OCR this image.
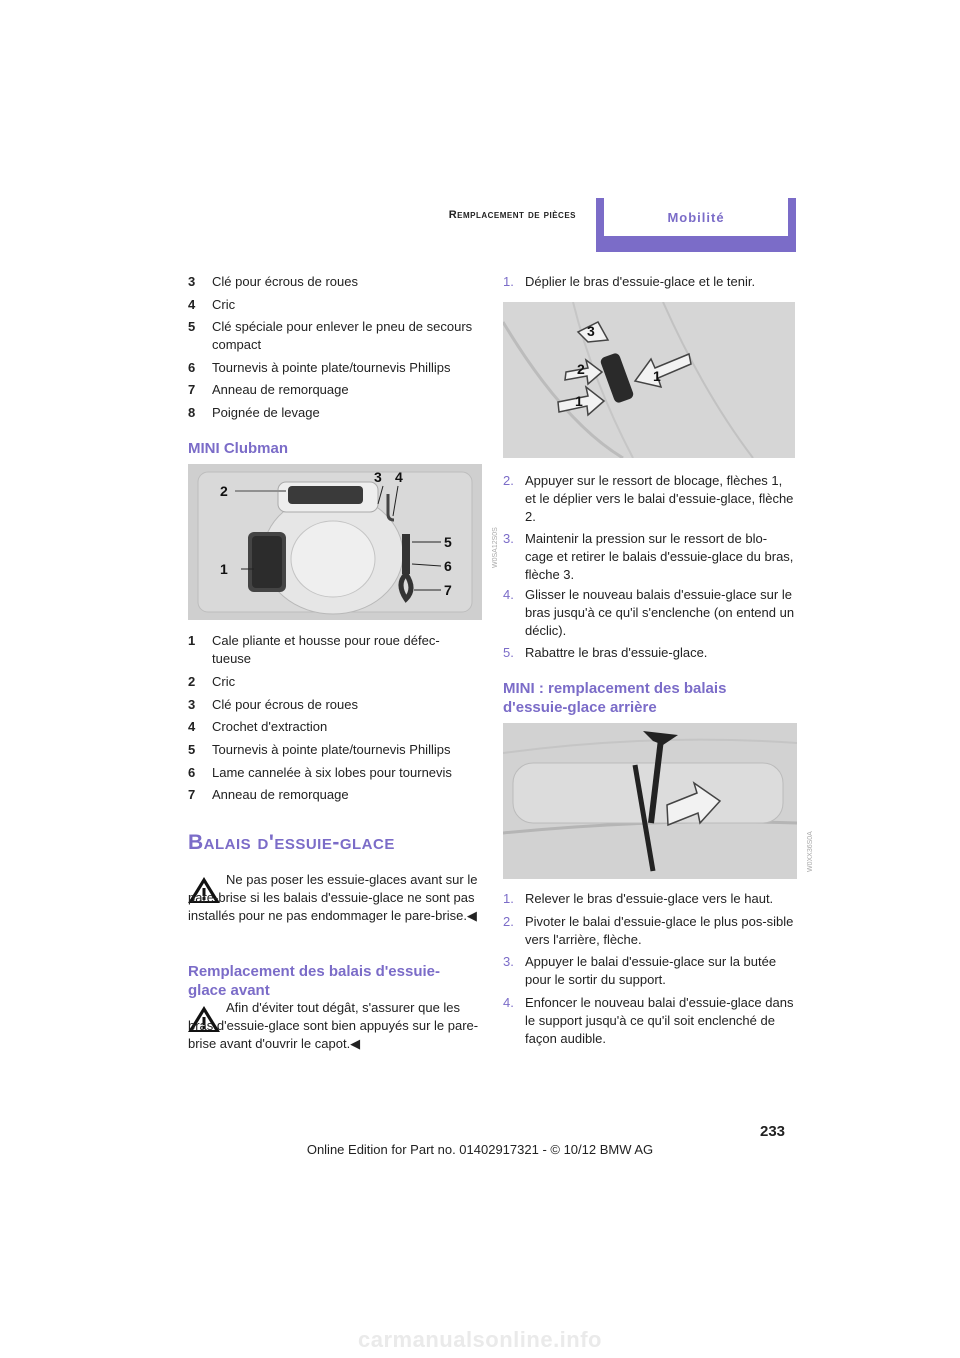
Remplacement de pièces	Mobilité
3	Clé pour écrous de roues
4	Cric
5	Clé spéciale pour enlever le pneu de secours compact
6	Tournevis à pointe plate/tournevis Phillips
7	Anneau de remorquage
8	Poignée de levage
MINI Clubman
2
3 4
5
6
7
1
W0SA12S0S
1	Cale pliante et housse pour roue défec-tueuse
2	Cric
3	Clé pour écrous de roues
4	Crochet d'extraction
5	Tournevis à pointe plate/tournevis Phillips
6	Lame cannelée à six lobes pour tournevis
7	Anneau de remorquage
Balais d'essuie-glace
Ne pas poser les essuie-glaces avant sur le pare-brise si les balais d'essuie-glace ne sont pas installés pour ne pas endommager le pare-brise.◀
Remplacement des balais d'essuie-glace avant
Afin d'éviter tout dégât, s'assurer que les bras d'essuie-glace sont bien appuyés sur le pare-brise avant d'ouvrir le capot.◀
1. Déplier le bras d'essuie-glace et le tenir.
3
2	1
1
2. Appuyer sur le ressort de blocage, flèches 1, et le déplier vers le balai d'essuie-glace, flèche 2.
3. Maintenir la pression sur le ressort de blo-cage et retirer le balais d'essuie-glace du bras, flèche 3.
4. Glisser le nouveau balais d'essuie-glace sur le bras jusqu'à ce qu'il s'enclenche (on entend un déclic).
5. Rabattre le bras d'essuie-glace.
MINI : remplacement des balais d'essuie-glace arrière
W0XX36S0A
1. Relever le bras d'essuie-glace vers le haut.
2. Pivoter le balai d'essuie-glace le plus pos-sible vers l'arrière, flèche.
3. Appuyer le balai d'essuie-glace sur la butée pour le sortir du support.
4. Enfoncer le nouveau balai d'essuie-glace dans le support jusqu'à ce qu'il soit enclenché de façon audible.
233
Online Edition for Part no. 01402917321 - © 10/12 BMW AG
carmanualsonline.info
